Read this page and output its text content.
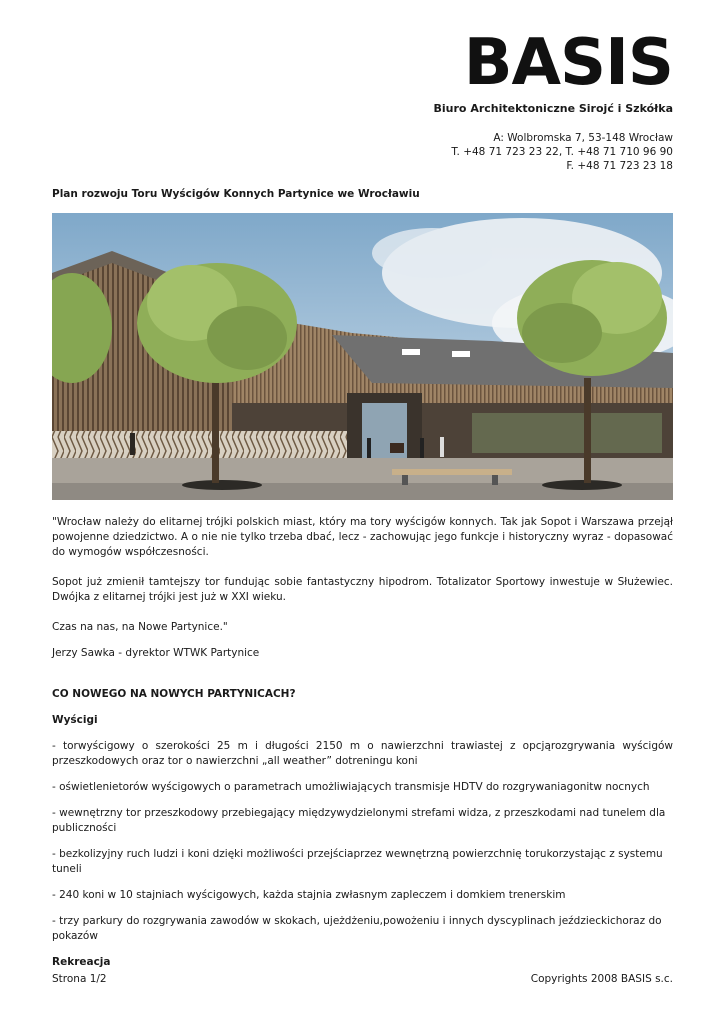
BASIS
Biuro Architektoniczne Sirojć i Szkółka
A: Wolbromska 7, 53-148 Wrocław
T. +48 71 723 23 22, T. +48 71 710 96 90
F. +48 71 723 23 18
Plan rozwoju Toru Wyścigów Konnych Partynice we Wrocławiu

"Wrocław należy do elitarnej trójki polskich miast, który ma tory wyścigów konnych. Tak jak Sopot i Warszawa przejął powojenne dziedzictwo. A o nie nie tylko trzeba dbać, lecz - zachowując jego funkcje i historyczny wyraz - dopasować do wymogów współczesności.

Sopot już zmienił tamtejszy tor fundując sobie fantastyczny hipodrom. Totalizator Sportowy inwestuje w Służewiec. Dwójka z elitarnej trójki jest już w XXI wieku.

Czas na nas, na Nowe Partynice."

Jerzy Sawka - dyrektor WTWK Partynice

CO NOWEGO NA NOWYCH PARTYNICACH?

Wyścigi

- torwyścigowy o szerokości 25 m i długości 2150 m o nawierzchni trawiastej z opcjąrozgrywania wyścigów przeszkodowych oraz tor o nawierzchni „all weather” dotreningu koni

- oświetlenietorów wyścigowych o parametrach umożliwiających transmisje HDTV do rozgrywaniagonitw nocnych

- wewnętrzny tor przeszkodowy przebiegający międzywydzielonymi strefami widza, z przeszkodami nad tunelem dla publiczności

- bezkolizyjny ruch ludzi i koni dzięki możliwości przejściaprzez wewnętrzną powierzchnię torukorzystając z systemu tuneli

- 240 koni w 10 stajniach wyścigowych, każda stajnia zwłasnym zapleczem i domkiem trenerskim

- trzy parkury do rozgrywania zawodów w skokach, ujeżdżeniu,powożeniu i innych dyscyplinach jeździeckichoraz do pokazów

Rekreacja

Strona 1/2	Copyrights 2008 BASIS s.c.
